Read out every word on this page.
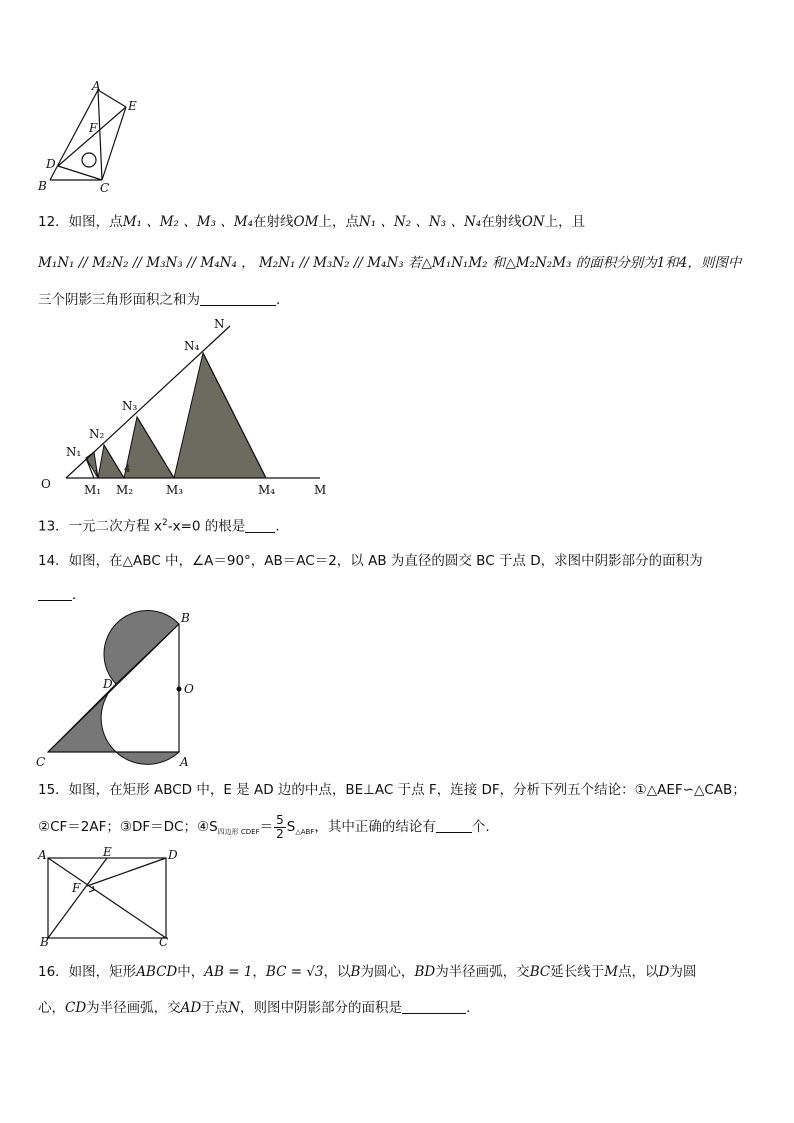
A
E
F
D
B	C
12．如图，点M₁ 、M₂ 、M₃ 、M₄在射线OM上，点N₁ 、N₂ 、N₃ 、N₄在射线ON上，且
M₁N₁ // M₂N₂ // M₃N₃ // M₄N₄ ， M₂N₁ // M₃N₂ // M₄N₃ 若△M₁N₁M₂ 和△M₂N₂M₃ 的面积分别为1和4，则图中
三个阴影三角形面积之和为	.
N
N₄
N₃
N₂
N₁
O	M₁ M₂	M₃	M₄	M
1 4
13．一元二次方程 $x^2-x=0$ 的根是 .
14．如图，在△ABC 中，∠A＝90°，AB＝AC＝2，以 AB 为直径的圆交 BC 于点 D，求图中阴影部分的面积为
．
B
D	O
C	A
15．如图，在矩形 ABCD 中，E 是 AD 边的中点，BE⊥AC 于点 F，连接 DF，分析下列五个结论：①△AEF∽△CAB；
②CF＝2AF；③DF＝DC；$④S_{四边形 CDEF}= \frac{5}{2} S_{\triangle ABF}$，其中正确的结论有	个.
A	E	D
F
B	C
16．如图，矩形ABCD中，AB = 1，BC = √3，以B为圆心，BD为半径画弧，交BC延长线于M点，以D为圆
心，CD为半径画弧，交AD于点N，则图中阴影部分的面积是	.
